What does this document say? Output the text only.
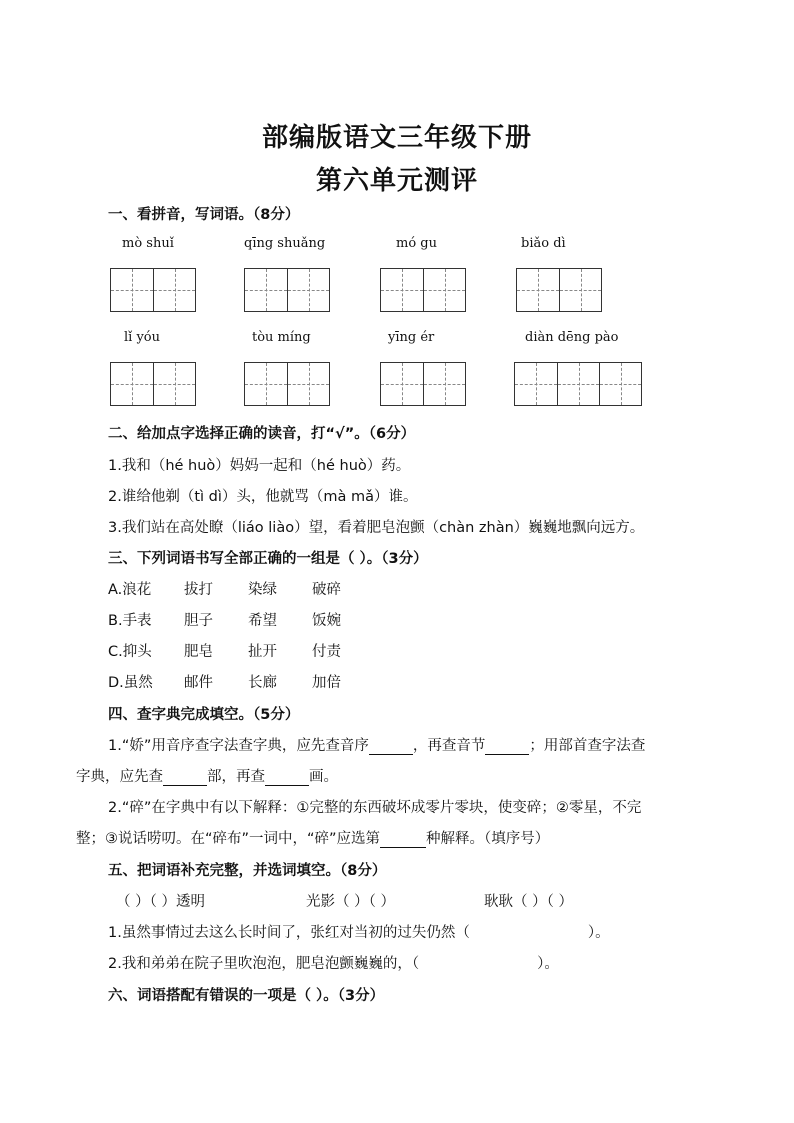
部编版语文三年级下册
第六单元测评
一、看拼音，写词语。（8分）
mò shuǐ	qīng shuǎng	mó gu	biǎo dì
lǐ yóu	tòu míng	yīng ér	diàn dēng pào
二、给加点字选择正确的读音，打“√”。（6分）
1.我和（hé huò）妈妈一起和（hé huò）药。
2.谁给他剃（tì dì）头，他就骂（mà mǎ）谁。
3.我们站在高处瞭（liáo liào）望，看着肥皂泡颤（chàn zhàn）巍巍地飘向远方。
三、下列词语书写全部正确的一组是（ ）。（3分）
A.浪花 拔打 染绿 破碎
B.手表 胆子 希望 饭婉
C.抑头 肥皂 扯开 付责
D.虽然 邮件 长廊 加倍
四、查字典完成填空。（5分）
1.“娇”用音序查字法查字典，应先查音序	，再查音节	；用部首查字法查
字典，应先查	部，再查	画。
2.“碎”在字典中有以下解释：①完整的东西破坏成零片零块，使变碎；②零星，不完
整；③说话唠叨。在“碎布”一词中，“碎”应选第	种解释。（填序号）
五、把词语补充完整，并选词填空。（8分）
（ ）（ ）透明	光影（ ）（ ）	耿耿（ ）（ ）
1.虽然事情过去这么长时间了，张红对当初的过失仍然（	）。
2.我和弟弟在院子里吹泡泡，肥皂泡颤巍巍的，（	）。
六、词语搭配有错误的一项是（ ）。（3分）
